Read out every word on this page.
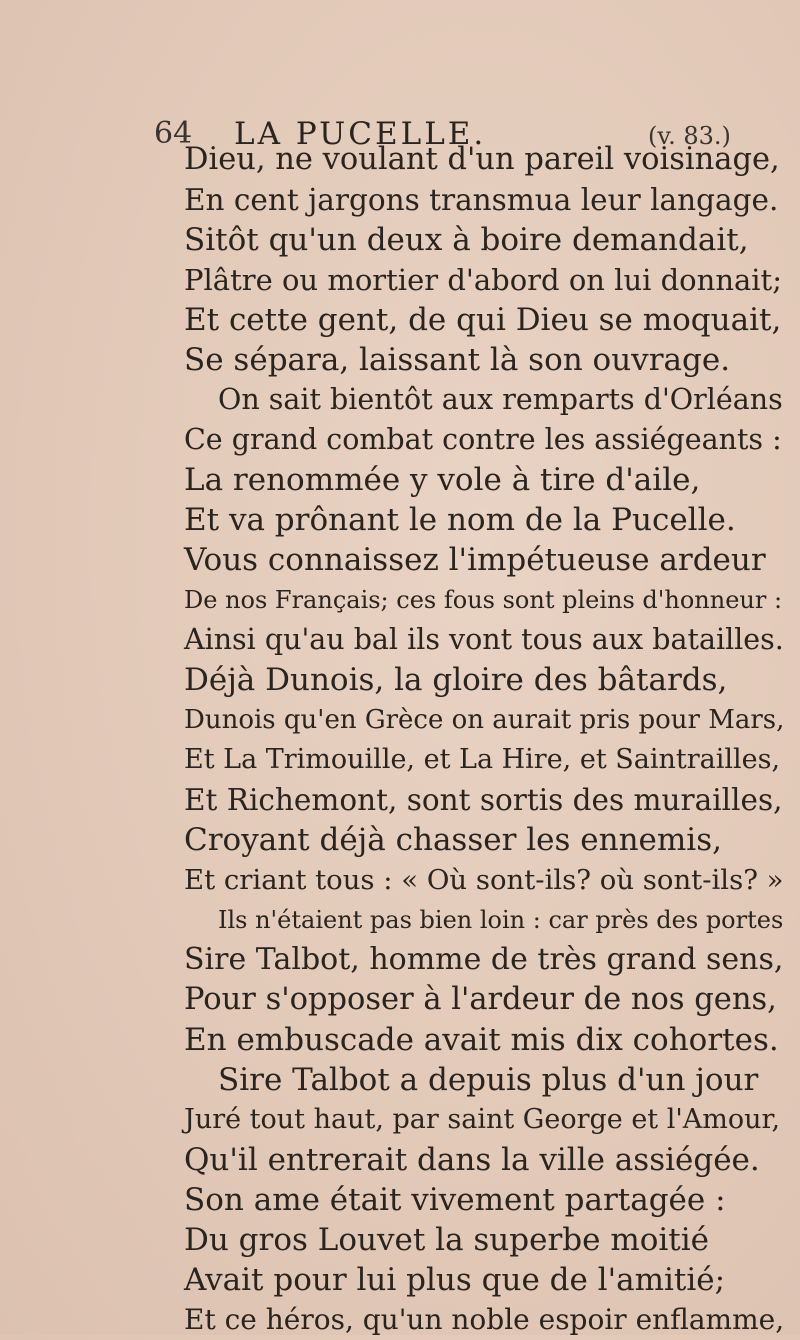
64 LA PUCELLE.	(v. 83.)
Dieu, ne voulant d'un pareil voisinage,
En cent jargons transmua leur langage.
Sitôt qu'un deux à boire demandait,
Plâtre ou mortier d'abord on lui donnait;
Et cette gent, de qui Dieu se moquait,
Se sépara, laissant là son ouvrage.
On sait bientôt aux remparts d'Orléans
Ce grand combat contre les assiégeants :
La renommée y vole à tire d'aile,
Et va prônant le nom de la Pucelle.
Vous connaissez l'impétueuse ardeur
De nos Français; ces fous sont pleins d'honneur :
Ainsi qu'au bal ils vont tous aux batailles.
Déjà Dunois, la gloire des bâtards,
Dunois qu'en Grèce on aurait pris pour Mars,
Et La Trimouille, et La Hire, et Saintrailles,
Et Richemont, sont sortis des murailles,
Croyant déjà chasser les ennemis,
Et criant tous : « Où sont-ils? où sont-ils? »
Ils n'étaient pas bien loin : car près des portes
Sire Talbot, homme de très grand sens,
Pour s'opposer à l'ardeur de nos gens,
En embuscade avait mis dix cohortes.
Sire Talbot a depuis plus d'un jour
Juré tout haut, par saint George et l'Amour,
Qu'il entrerait dans la ville assiégée.
Son ame était vivement partagée :
Du gros Louvet la superbe moitié
Avait pour lui plus que de l'amitié;
Et ce héros, qu'un noble espoir enflamme,
